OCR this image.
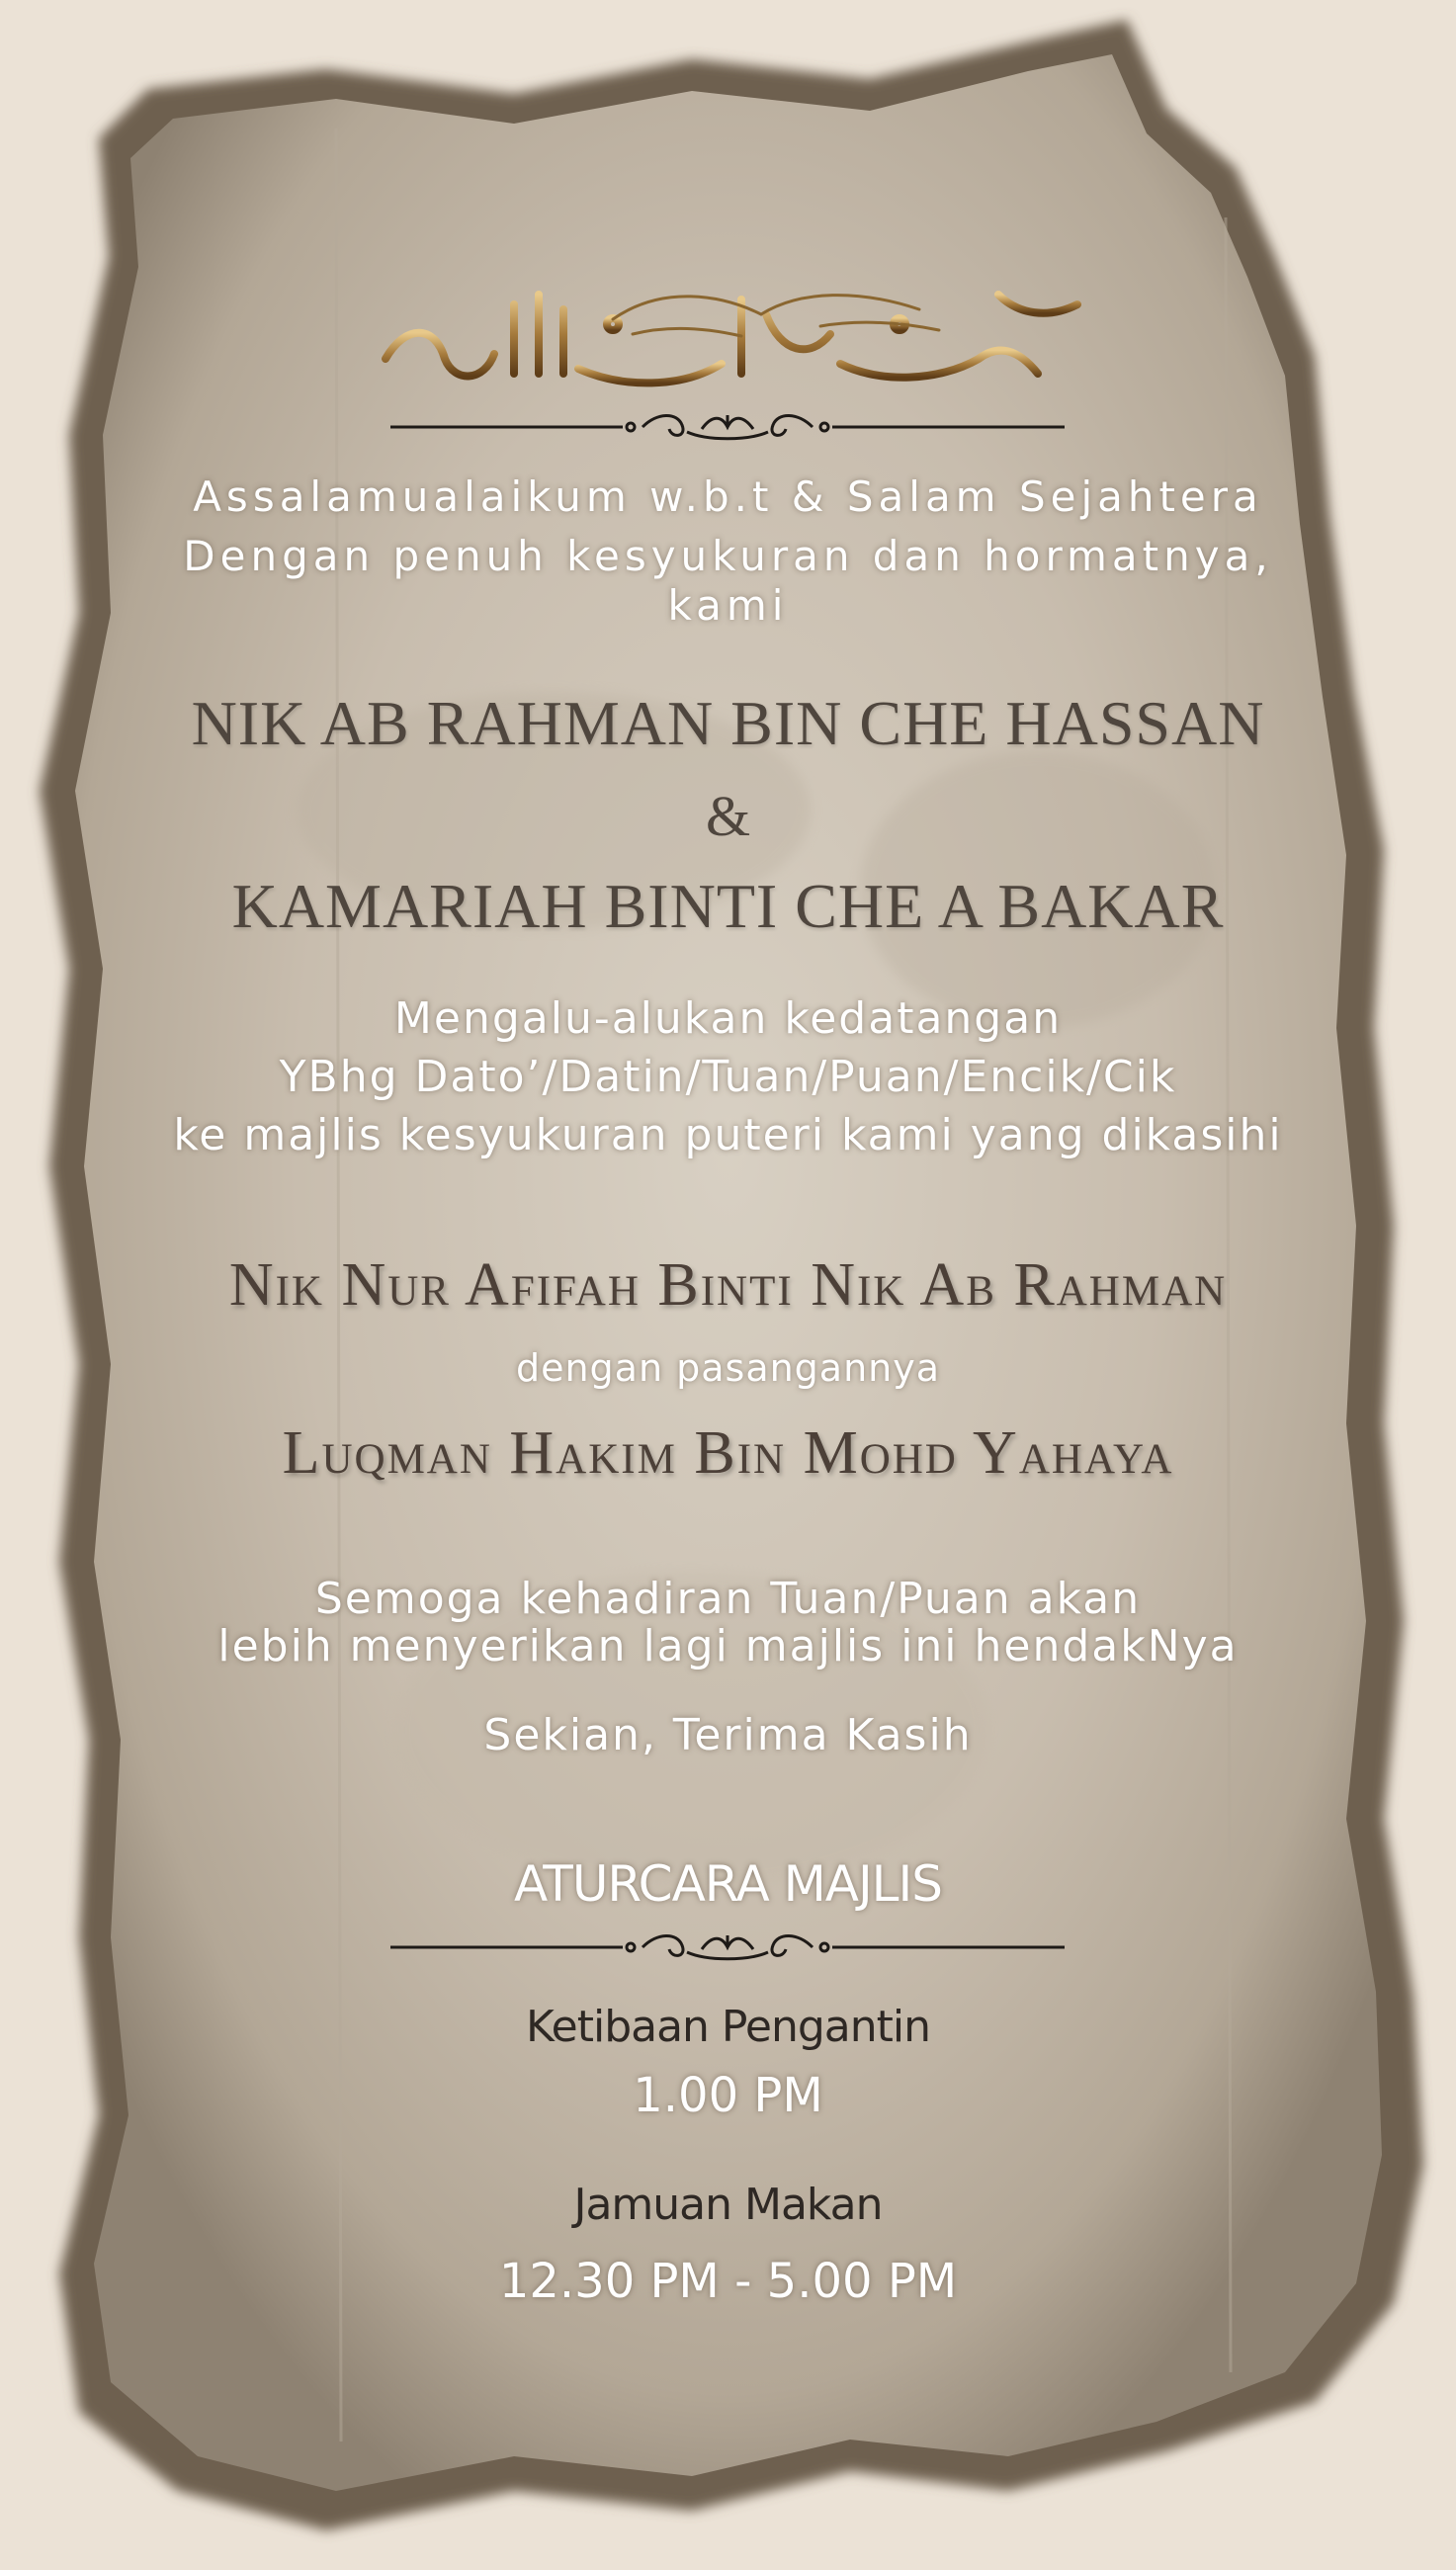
Assalamualaikum w.b.t & Salam Sejahtera
Dengan penuh kesyukuran dan hormatnya,
kami
NIK AB RAHMAN BIN CHE HASSAN
&
KAMARIAH BINTI CHE A BAKAR
Mengalu-alukan kedatangan
YBhg Dato’/Datin/Tuan/Puan/Encik/Cik
ke majlis kesyukuran puteri kami yang dikasihi
Nik Nur Afifah Binti Nik Ab Rahman
dengan pasangannya
Luqman Hakim Bin Mohd Yahaya
Semoga kehadiran Tuan/Puan akan
lebih menyerikan lagi majlis ini hendakNya
Sekian, Terima Kasih
ATURCARA MAJLIS
Ketibaan Pengantin
1.00 PM
Jamuan Makan
12.30 PM - 5.00 PM
